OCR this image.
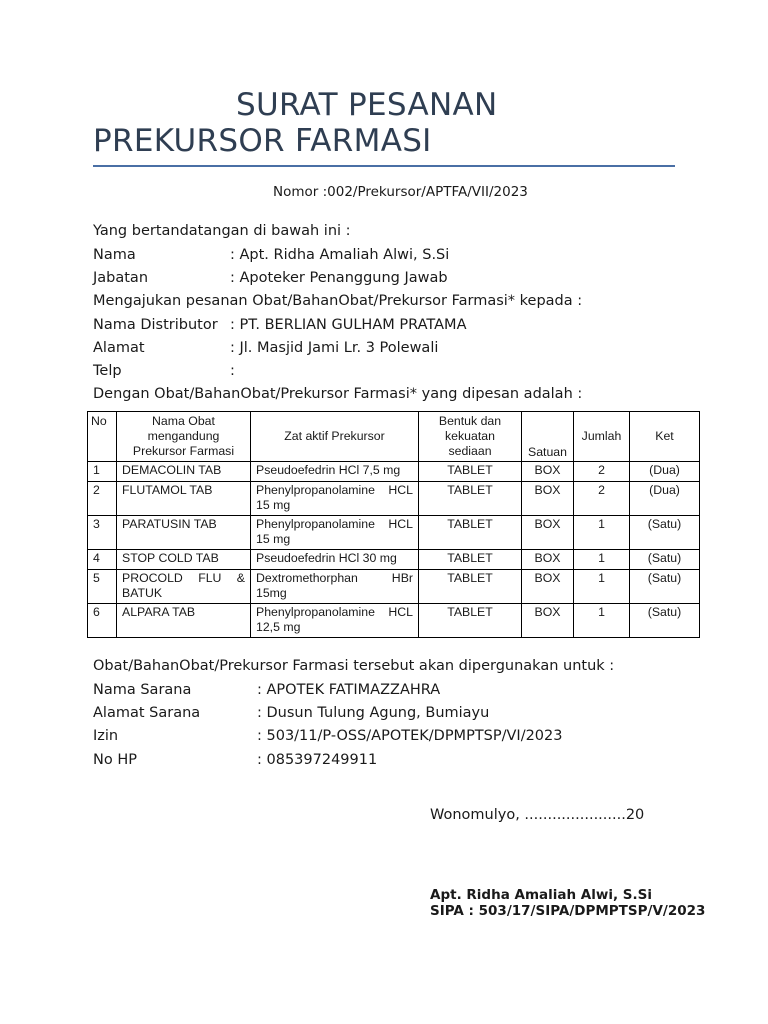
SURAT PESANAN
PREKURSOR FARMASI
Nomor :002/Prekursor/APTFA/VII/2023
Yang bertandatangan di bawah ini :
Nama	: Apt. Ridha Amaliah Alwi, S.Si
Jabatan	: Apoteker Penanggung Jawab
Mengajukan pesanan Obat/BahanObat/Prekursor Farmasi* kepada :
Nama Distributor : PT. BERLIAN GULHAM PRATAMA
Alamat	: Jl. Masjid Jami Lr. 3 Polewali
Telp	:
Dengan Obat/BahanObat/Prekursor Farmasi* yang dipesan adalah :
No	Nama Obat mengandung Prekursor Farmasi	Zat aktif Prekursor	Bentuk dan kekuatan sediaan	Satuan	Jumlah	Ket
1	DEMACOLIN TAB	Pseudoefedrin HCl 7,5 mg	TABLET	BOX	2	(Dua)
2	FLUTAMOL TAB	Phenylpropanolamine HCL 15 mg	TABLET	BOX	2	(Dua)
3	PARATUSIN TAB	Phenylpropanolamine HCL 15 mg	TABLET	BOX	1	(Satu)
4	STOP COLD TAB	Pseudoefedrin HCl 30 mg	TABLET	BOX	1	(Satu)
5	PROCOLD FLU & BATUK	Dextromethorphan HBr 15mg	TABLET	BOX	1	(Satu)
6	ALPARA TAB	Phenylpropanolamine HCL 12,5 mg	TABLET	BOX	1	(Satu)
Obat/BahanObat/Prekursor Farmasi tersebut akan dipergunakan untuk :
Nama Sarana	: APOTEK FATIMAZZAHRA
Alamat Sarana	: Dusun Tulung Agung, Bumiayu
Izin	: 503/11/P-OSS/APOTEK/DPMPTSP/VI/2023
No HP	: 085397249911
Wonomulyo, ......................20
Apt. Ridha Amaliah Alwi, S.Si
SIPA : 503/17/SIPA/DPMPTSP/V/2023
